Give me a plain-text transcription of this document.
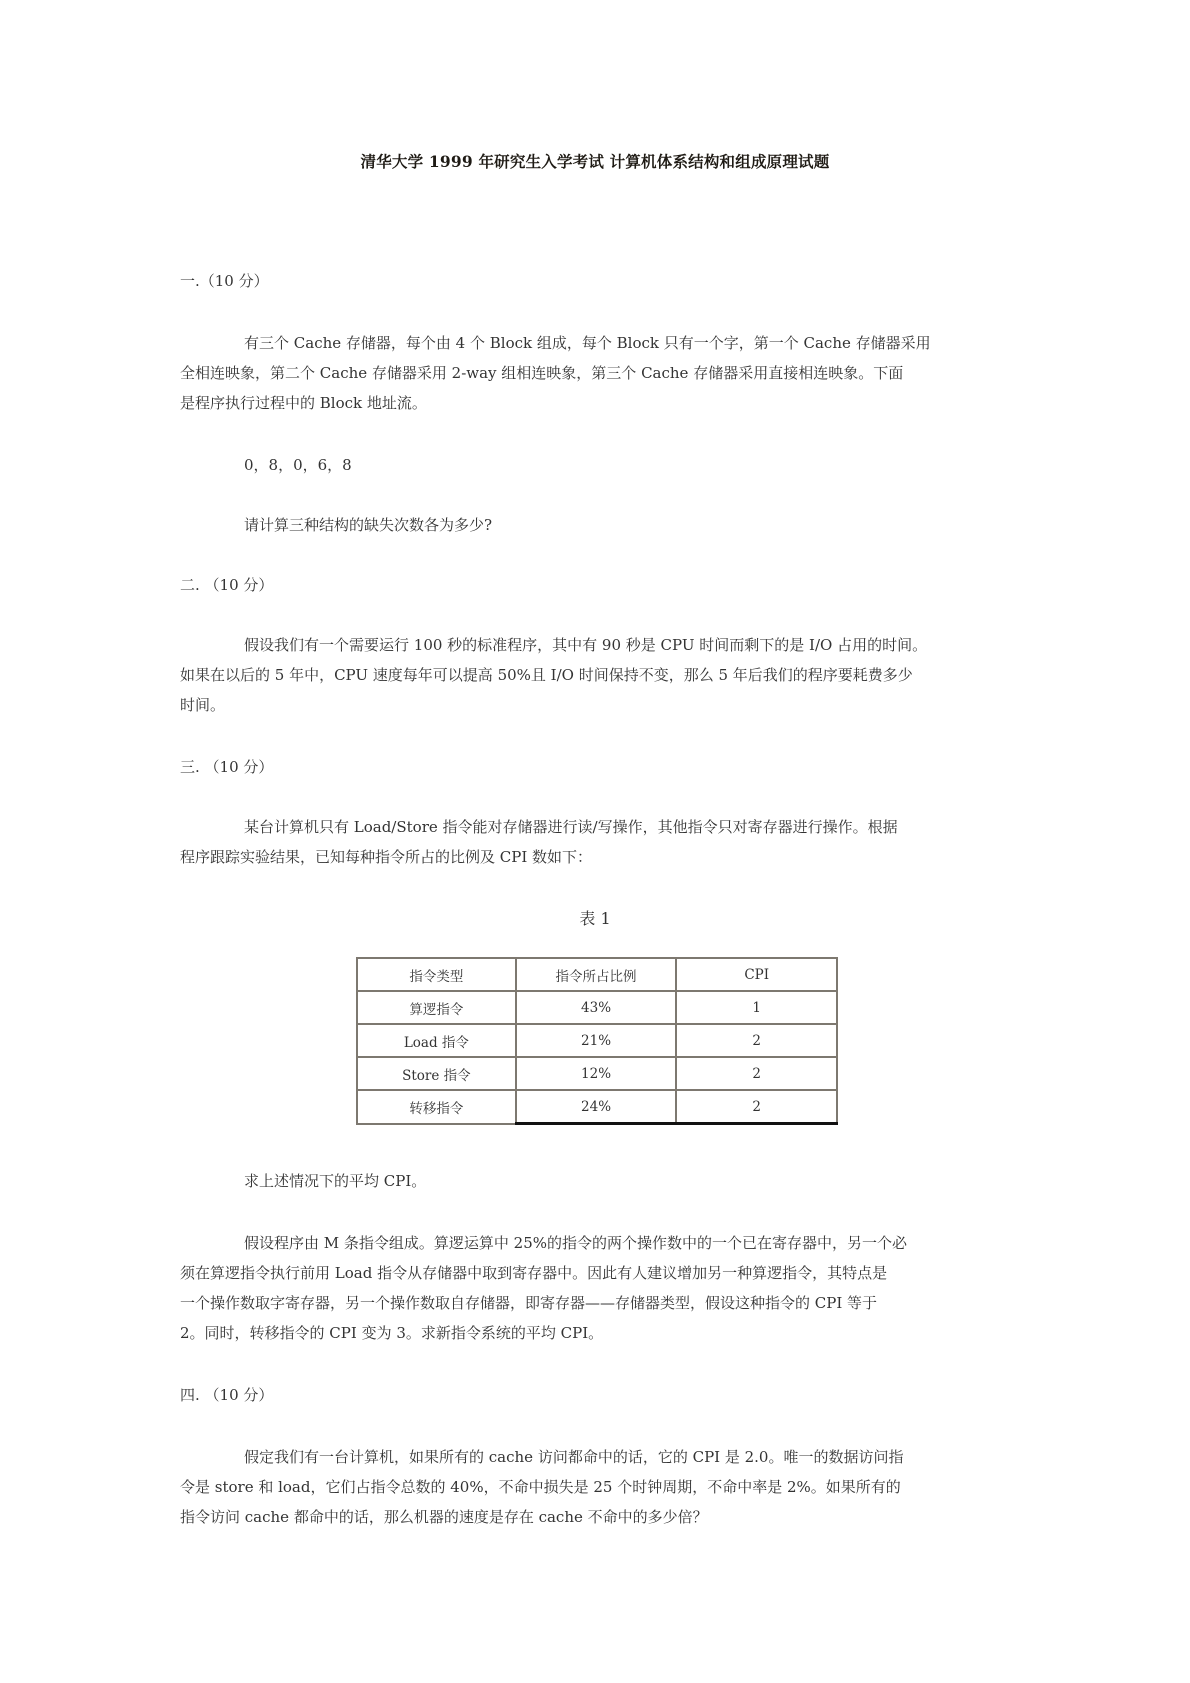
清华大学 1999 年研究生入学考试 计算机体系结构和组成原理试题
一.（10 分）
有三个 Cache 存储器，每个由 4 个 Block 组成，每个 Block 只有一个字，第一个 Cache 存储器采用
全相连映象，第二个 Cache 存储器采用 2-way 组相连映象，第三个 Cache 存储器采用直接相连映象。下面
是程序执行过程中的 Block 地址流。
0，8，0，6，8
请计算三种结构的缺失次数各为多少?
二. （10 分）
假设我们有一个需要运行 100 秒的标准程序，其中有 90 秒是 CPU 时间而剩下的是 I/O 占用的时间。
如果在以后的 5 年中，CPU 速度每年可以提高 50%且 I/O 时间保持不变，那么 5 年后我们的程序要耗费多少
时间。
三. （10 分）
某台计算机只有 Load/Store 指令能对存储器进行读/写操作，其他指令只对寄存器进行操作。根据
程序跟踪实验结果，已知每种指令所占的比例及 CPI 数如下：
表 1
指令类型	指令所占比例	CPI
算逻指令	43%	1
Load 指令	21%	2
Store 指令	12%	2
转移指令	24%	2
求上述情况下的平均 CPI。
假设程序由 M 条指令组成。算逻运算中 25%的指令的两个操作数中的一个已在寄存器中，另一个必
须在算逻指令执行前用 Load 指令从存储器中取到寄存器中。因此有人建议增加另一种算逻指令，其特点是
一个操作数取字寄存器，另一个操作数取自存储器，即寄存器——存储器类型，假设这种指令的 CPI 等于
2。同时，转移指令的 CPI 变为 3。求新指令系统的平均 CPI。
四. （10 分）
假定我们有一台计算机，如果所有的 cache 访问都命中的话，它的 CPI 是 2.0。唯一的数据访问指
令是 store 和 load，它们占指令总数的 40%，不命中损失是 25 个时钟周期，不命中率是 2%。如果所有的
指令访问 cache 都命中的话，那么机器的速度是存在 cache 不命中的多少倍？
